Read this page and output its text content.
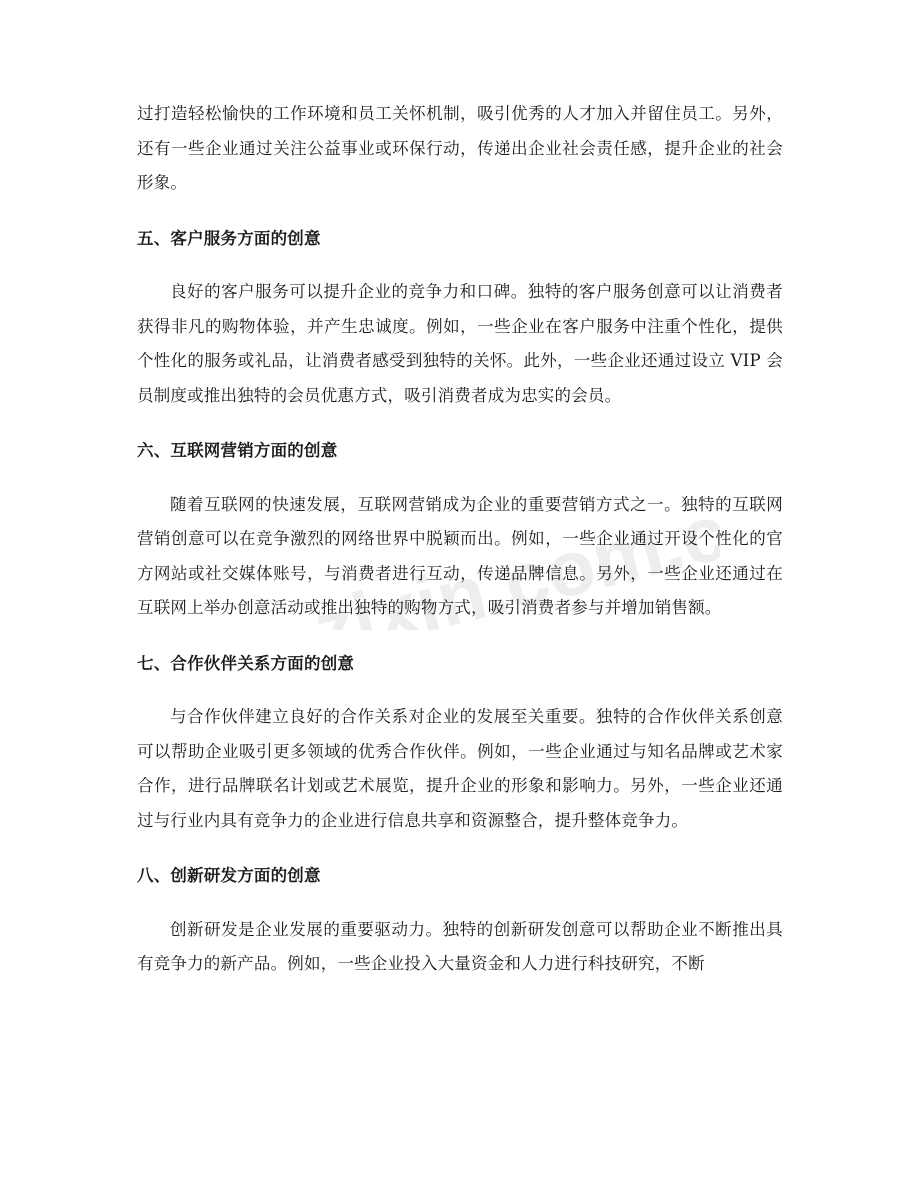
zixin.com.cn

过打造轻松愉快的工作环境和员工关怀机制，吸引优秀的人才加入并留住员工。另外，还有一些企业通过关注公益事业或环保行动，传递出企业社会责任感，提升企业的社会形象。

五、客户服务方面的创意

良好的客户服务可以提升企业的竞争力和口碑。独特的客户服务创意可以让消费者获得非凡的购物体验，并产生忠诚度。例如，一些企业在客户服务中注重个性化，提供个性化的服务或礼品，让消费者感受到独特的关怀。此外，一些企业还通过设立 VIP 会员制度或推出独特的会员优惠方式，吸引消费者成为忠实的会员。

六、互联网营销方面的创意

随着互联网的快速发展，互联网营销成为企业的重要营销方式之一。独特的互联网营销创意可以在竞争激烈的网络世界中脱颖而出。例如，一些企业通过开设个性化的官方网站或社交媒体账号，与消费者进行互动，传递品牌信息。另外，一些企业还通过在互联网上举办创意活动或推出独特的购物方式，吸引消费者参与并增加销售额。

七、合作伙伴关系方面的创意

与合作伙伴建立良好的合作关系对企业的发展至关重要。独特的合作伙伴关系创意可以帮助企业吸引更多领域的优秀合作伙伴。例如，一些企业通过与知名品牌或艺术家合作，进行品牌联名计划或艺术展览，提升企业的形象和影响力。另外，一些企业还通过与行业内具有竞争力的企业进行信息共享和资源整合，提升整体竞争力。

八、创新研发方面的创意

创新研发是企业发展的重要驱动力。独特的创新研发创意可以帮助企业不断推出具有竞争力的新产品。例如，一些企业投入大量资金和人力进行科技研究，不断
